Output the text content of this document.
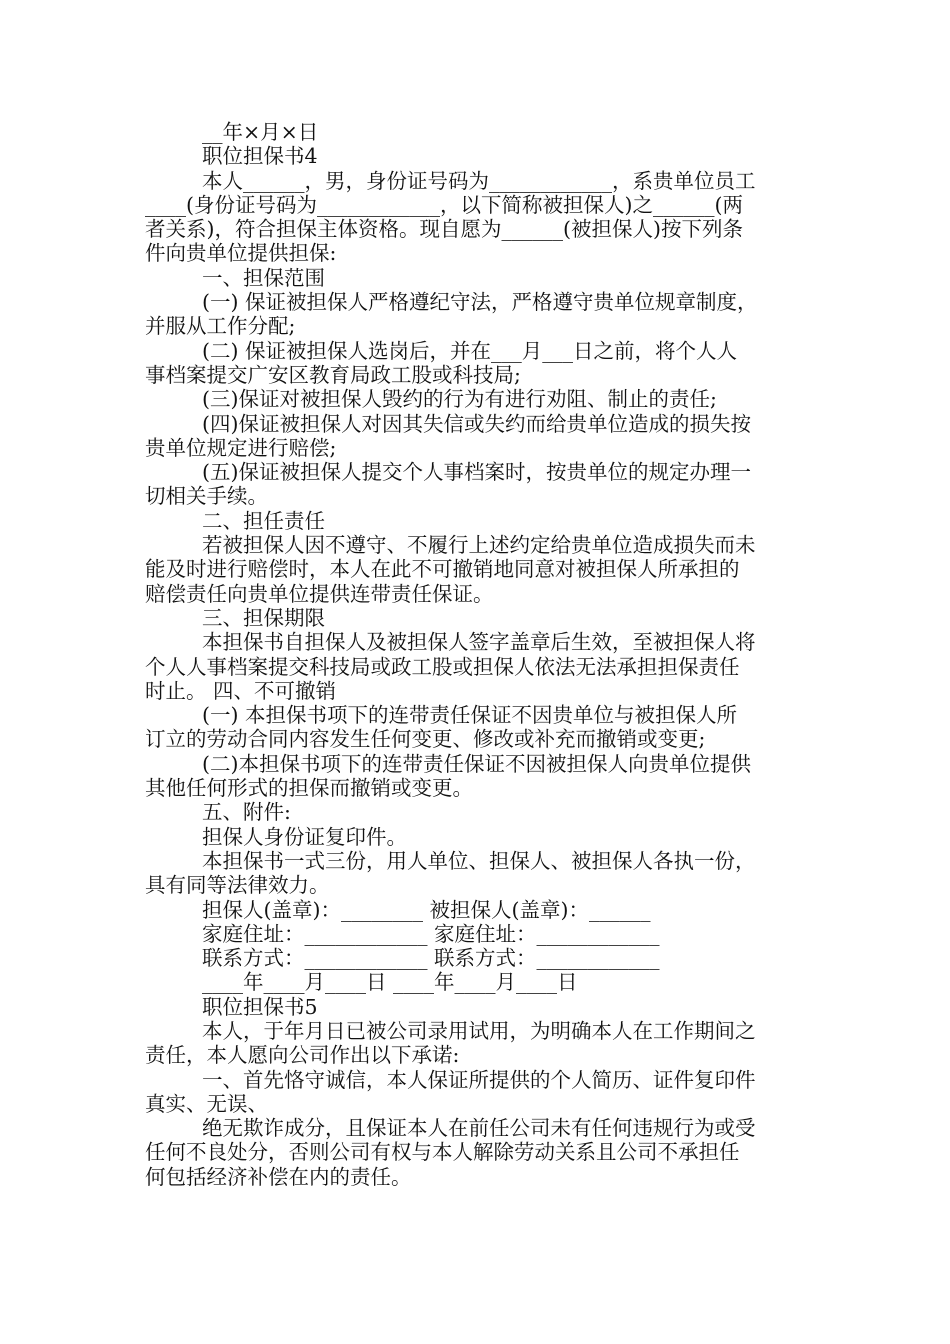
__年×月×日
职位担保书4
本人______，男，身份证号码为____________，系贵单位员工
____(身份证号码为____________，以下简称被担保人)之______(两
者关系)，符合担保主体资格。现自愿为______(被担保人)按下列条
件向贵单位提供担保:
一、担保范围
(一) 保证被担保人严格遵纪守法，严格遵守贵单位规章制度，
并服从工作分配;
(二) 保证被担保人选岗后，并在___月___日之前，将个人人
事档案提交广安区教育局政工股或科技局;
(三)保证对被担保人毁约的行为有进行劝阻、制止的责任;
(四)保证被担保人对因其失信或失约而给贵单位造成的损失按
贵单位规定进行赔偿;
(五)保证被担保人提交个人事档案时，按贵单位的规定办理一
切相关手续。
二、担任责任
若被担保人因不遵守、不履行上述约定给贵单位造成损失而未
能及时进行赔偿时，本人在此不可撤销地同意对被担保人所承担的
赔偿责任向贵单位提供连带责任保证。
三、担保期限
本担保书自担保人及被担保人签字盖章后生效，至被担保人将
个人人事档案提交科技局或政工股或担保人依法无法承担担保责任
时止。 四、不可撤销
(一) 本担保书项下的连带责任保证不因贵单位与被担保人所
订立的劳动合同内容发生任何变更、修改或补充而撤销或变更;
(二)本担保书项下的连带责任保证不因被担保人向贵单位提供
其他任何形式的担保而撤销或变更。
五、附件:
担保人身份证复印件。
本担保书一式三份，用人单位、担保人、被担保人各执一份，
具有同等法律效力。
担保人(盖章)：________ 被担保人(盖章)：______
家庭住址：____________ 家庭住址：____________
联系方式：____________ 联系方式：____________
____年____月____日 ____年____月____日
职位担保书5
本人，于年月日已被公司录用试用，为明确本人在工作期间之
责任，本人愿向公司作出以下承诺:
一、首先恪守诚信，本人保证所提供的个人简历、证件复印件
真实、无误、
绝无欺诈成分，且保证本人在前任公司未有任何违规行为或受
任何不良处分，否则公司有权与本人解除劳动关系且公司不承担任
何包括经济补偿在内的责任。
